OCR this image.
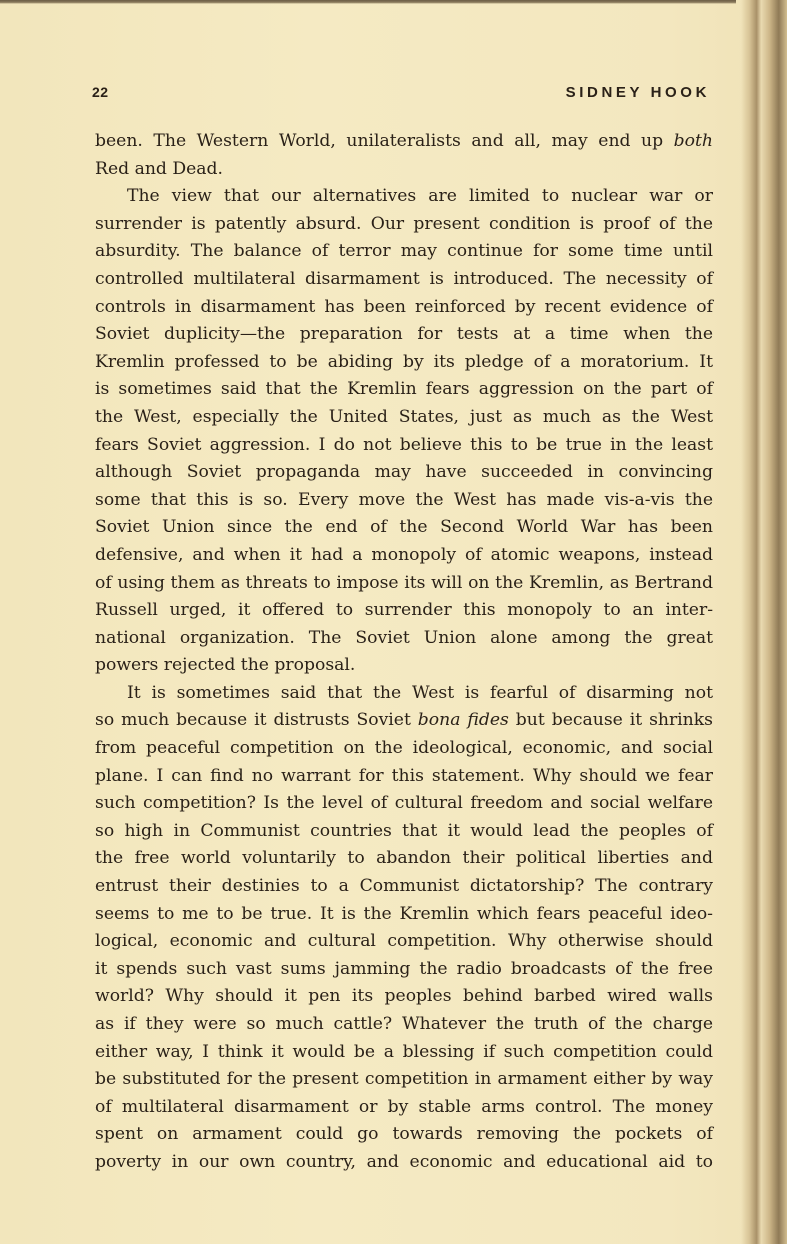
22	SIDNEY HOOK
been. The Western World, unilateralists and all, may end up both
Red and Dead.
The view that our alternatives are limited to nuclear war or
surrender is patently absurd. Our present condition is proof of the
absurdity. The balance of terror may continue for some time until
controlled multilateral disarmament is introduced. The necessity of
controls in disarmament has been reinforced by recent evidence of
Soviet duplicity—the preparation for tests at a time when the
Kremlin professed to be abiding by its pledge of a moratorium. It
is sometimes said that the Kremlin fears aggression on the part of
the West, especially the United States, just as much as the West
fears Soviet aggression. I do not believe this to be true in the least
although Soviet propaganda may have succeeded in convincing
some that this is so. Every move the West has made vis-a-vis the
Soviet Union since the end of the Second World War has been
defensive, and when it had a monopoly of atomic weapons, instead
of using them as threats to impose its will on the Kremlin, as Bertrand
Russell urged, it offered to surrender this monopoly to an inter-
national organization. The Soviet Union alone among the great
powers rejected the proposal.
It is sometimes said that the West is fearful of disarming not
so much because it distrusts Soviet bona fides but because it shrinks
from peaceful competition on the ideological, economic, and social
plane. I can find no warrant for this statement. Why should we fear
such competition? Is the level of cultural freedom and social welfare
so high in Communist countries that it would lead the peoples of
the free world voluntarily to abandon their political liberties and
entrust their destinies to a Communist dictatorship? The contrary
seems to me to be true. It is the Kremlin which fears peaceful ideo-
logical, economic and cultural competition. Why otherwise should
it spends such vast sums jamming the radio broadcasts of the free
world? Why should it pen its peoples behind barbed wired walls
as if they were so much cattle? Whatever the truth of the charge
either way, I think it would be a blessing if such competition could
be substituted for the present competition in armament either by way
of multilateral disarmament or by stable arms control. The money
spent on armament could go towards removing the pockets of
poverty in our own country, and economic and educational aid to
